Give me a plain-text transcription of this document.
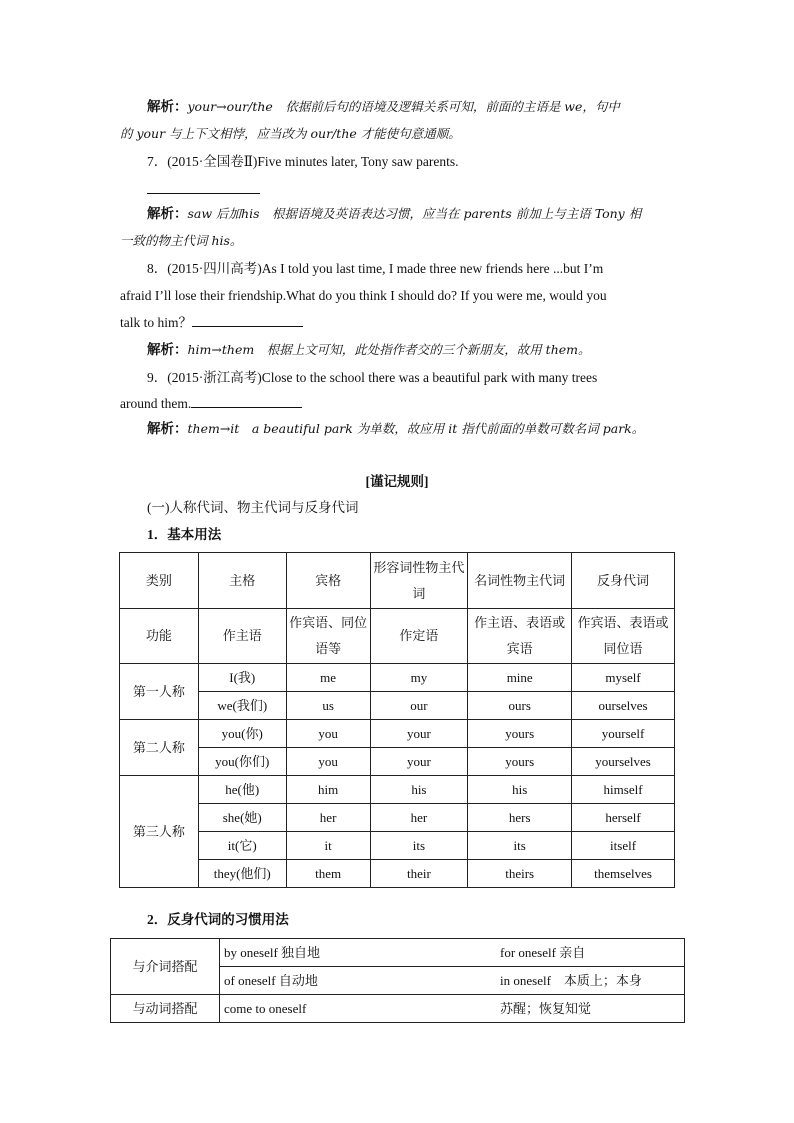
解析：your→our/the　依据前后句的语境及逻辑关系可知，前面的主语是 we，句中

的 your 与上下文相悖，应当改为 our/the 才能使句意通顺。

7．(2015·全国卷Ⅱ)Five minutes later, Tony saw parents.

解析：saw 后加his　根据语境及英语表达习惯，应当在 parents 前加上与主语 Tony 相

一致的物主代词 his。

8．(2015·四川高考)As I told you last time, I made three new friends here ...but I’m

afraid I’ll lose their friendship.What do you think I should do? If you were me, would you

talk to him？

解析：him→them　根据上文可知，此处指作者交的三个新朋友，故用 them。

9．(2015·浙江高考)Close to the school there was a beautiful park with many trees

around them.

解析：them→it　a beautiful park 为单数，故应用 it 指代前面的单数可数名词 park。

[谨记规则]
(一)人称代词、物主代词与反身代词
1．基本用法
类别	主格	宾格	形容词性物主代词	名词性物主代词	反身代词
功能	作主语	作宾语、同位语等	作定语	作主语、表语或宾语	作宾语、表语或同位语
第一人称	I(我)	me	my	mine	myself
	we(我们)	us	our	ours	ourselves
第二人称	you(你)	you	your	yours	yourself
	you(你们)	you	your	yours	yourselves
第三人称	he(他)	him	his	his	himself
	she(她)	her	her	hers	herself
	it(它)	it	its	its	itself
	they(他们)	them	their	theirs	themselves
2．反身代词的习惯用法
与介词搭配	by oneself 独自地	for oneself 亲自
	of oneself 自动地	in oneself　本质上；本身
与动词搭配	come to oneself	苏醒；恢复知觉
